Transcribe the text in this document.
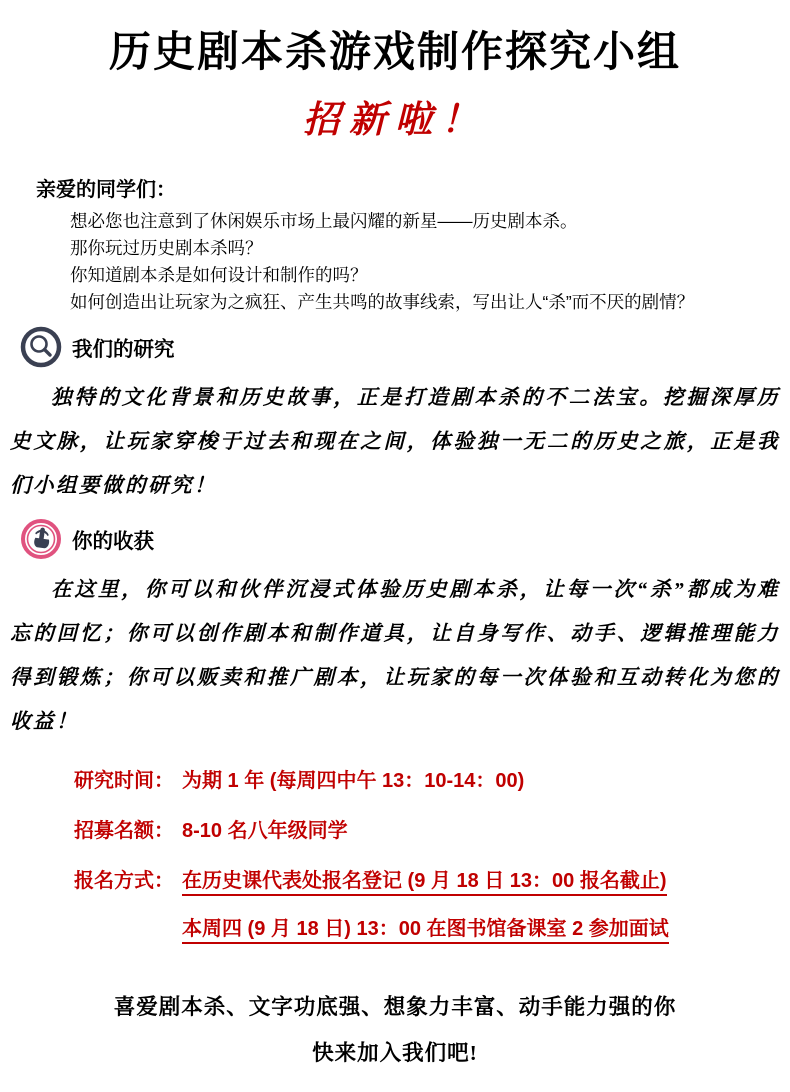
历史剧本杀游戏制作探究小组
招新啦！
亲爱的同学们：
想必您也注意到了休闲娱乐市场上最闪耀的新星——历史剧本杀。
那你玩过历史剧本杀吗？
你知道剧本杀是如何设计和制作的吗？
如何创造出让玩家为之疯狂、产生共鸣的故事线索，写出让人“杀”而不厌的剧情？
我们的研究

独特的文化背景和历史故事，正是打造剧本杀的不二法宝。挖掘深厚历史文脉，让玩家穿梭于过去和现在之间，体验独一无二的历史之旅，正是我们小组要做的研究！

你的收获

在这里，你可以和伙伴沉浸式体验历史剧本杀，让每一次“杀”都成为难忘的回忆；你可以创作剧本和制作道具，让自身写作、动手、逻辑推理能力得到锻炼；你可以贩卖和推广剧本，让玩家的每一次体验和互动转化为您的收益！

研究时间： 为期 1 年 (每周四中午 13：10-14：00)
招募名额： 8-10 名八年级同学
报名方式： 在历史课代表处报名登记 (9 月 18 日 13：00 报名截止)
本周四 (9 月 18 日) 13：00 在图书馆备课室 2 参加面试
喜爱剧本杀、文字功底强、想象力丰富、动手能力强的你
快来加入我们吧!
